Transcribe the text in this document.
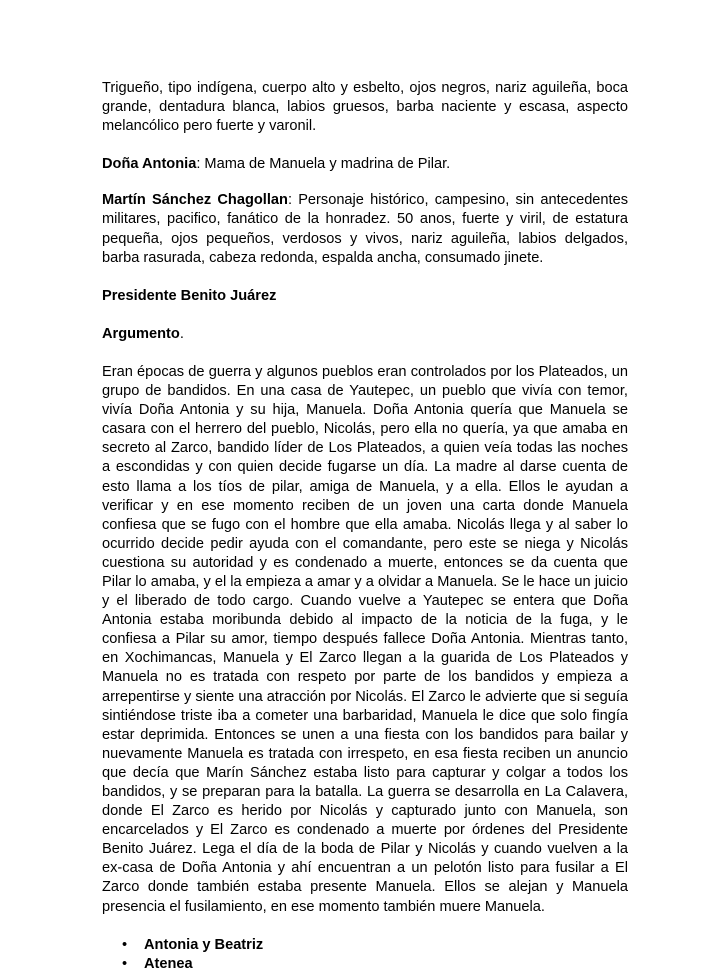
Trigueño, tipo indígena, cuerpo alto y esbelto, ojos negros, nariz aguileña, boca grande, dentadura blanca, labios gruesos, barba naciente y escasa, aspecto melancólico pero fuerte y varonil.

Doña Antonia: Mama de Manuela y madrina de Pilar.

Martín Sánchez Chagollan: Personaje histórico, campesino, sin antecedentes militares, pacifico, fanático de la honradez. 50 anos, fuerte y viril, de estatura pequeña, ojos pequeños, verdosos y vivos, nariz aguileña, labios delgados, barba rasurada, cabeza redonda, espalda ancha, consumado jinete.

Presidente Benito Juárez

Argumento.

Eran épocas de guerra y algunos pueblos eran controlados por los Plateados, un grupo de bandidos. En una casa de Yautepec, un pueblo que vivía con temor, vivía Doña Antonia y su hija, Manuela. Doña Antonia quería que Manuela se casara con el herrero del pueblo, Nicolás, pero ella no quería, ya que amaba en secreto al Zarco, bandido líder de Los Plateados, a quien veía todas las noches a escondidas y con quien decide fugarse un día. La madre al darse cuenta de esto llama a los tíos de pilar, amiga de Manuela, y a ella. Ellos le ayudan a verificar y en ese momento reciben de un joven una carta donde Manuela confiesa que se fugo con el hombre que ella amaba. Nicolás llega y al saber lo ocurrido decide pedir ayuda con el comandante, pero este se niega y Nicolás cuestiona su autoridad y es condenado a muerte, entonces se da cuenta que Pilar lo amaba, y el la empieza a amar y a olvidar a Manuela. Se le hace un juicio y el liberado de todo cargo. Cuando vuelve a Yautepec se entera que Doña Antonia estaba moribunda debido al impacto de la noticia de la fuga, y le confiesa a Pilar su amor, tiempo después fallece Doña Antonia. Mientras tanto, en Xochimancas, Manuela y El Zarco llegan a la guarida de Los Plateados y Manuela no es tratada con respeto por parte de los bandidos y empieza a arrepentirse y siente una atracción por Nicolás. El Zarco le advierte que si seguía sintiéndose triste iba a cometer una barbaridad, Manuela le dice que solo fingía estar deprimida. Entonces se unen a una fiesta con los bandidos para bailar y nuevamente Manuela es tratada con irrespeto, en esa fiesta reciben un anuncio que decía que Marín Sánchez estaba listo para capturar y colgar a todos los bandidos, y se preparan para la batalla. La guerra se desarrolla en La Calavera, donde El Zarco es herido por Nicolás y capturado junto con Manuela, son encarcelados y El Zarco es condenado a muerte por órdenes del Presidente Benito Juárez. Lega el día de la boda de Pilar y Nicolás y cuando vuelven a la ex-casa de Doña Antonia y ahí encuentran a un pelotón listo para fusilar a El Zarco donde también estaba presente Manuela. Ellos se alejan y Manuela presencia el fusilamiento, en ese momento también muere Manuela.

• Antonia y Beatriz
• Atenea
